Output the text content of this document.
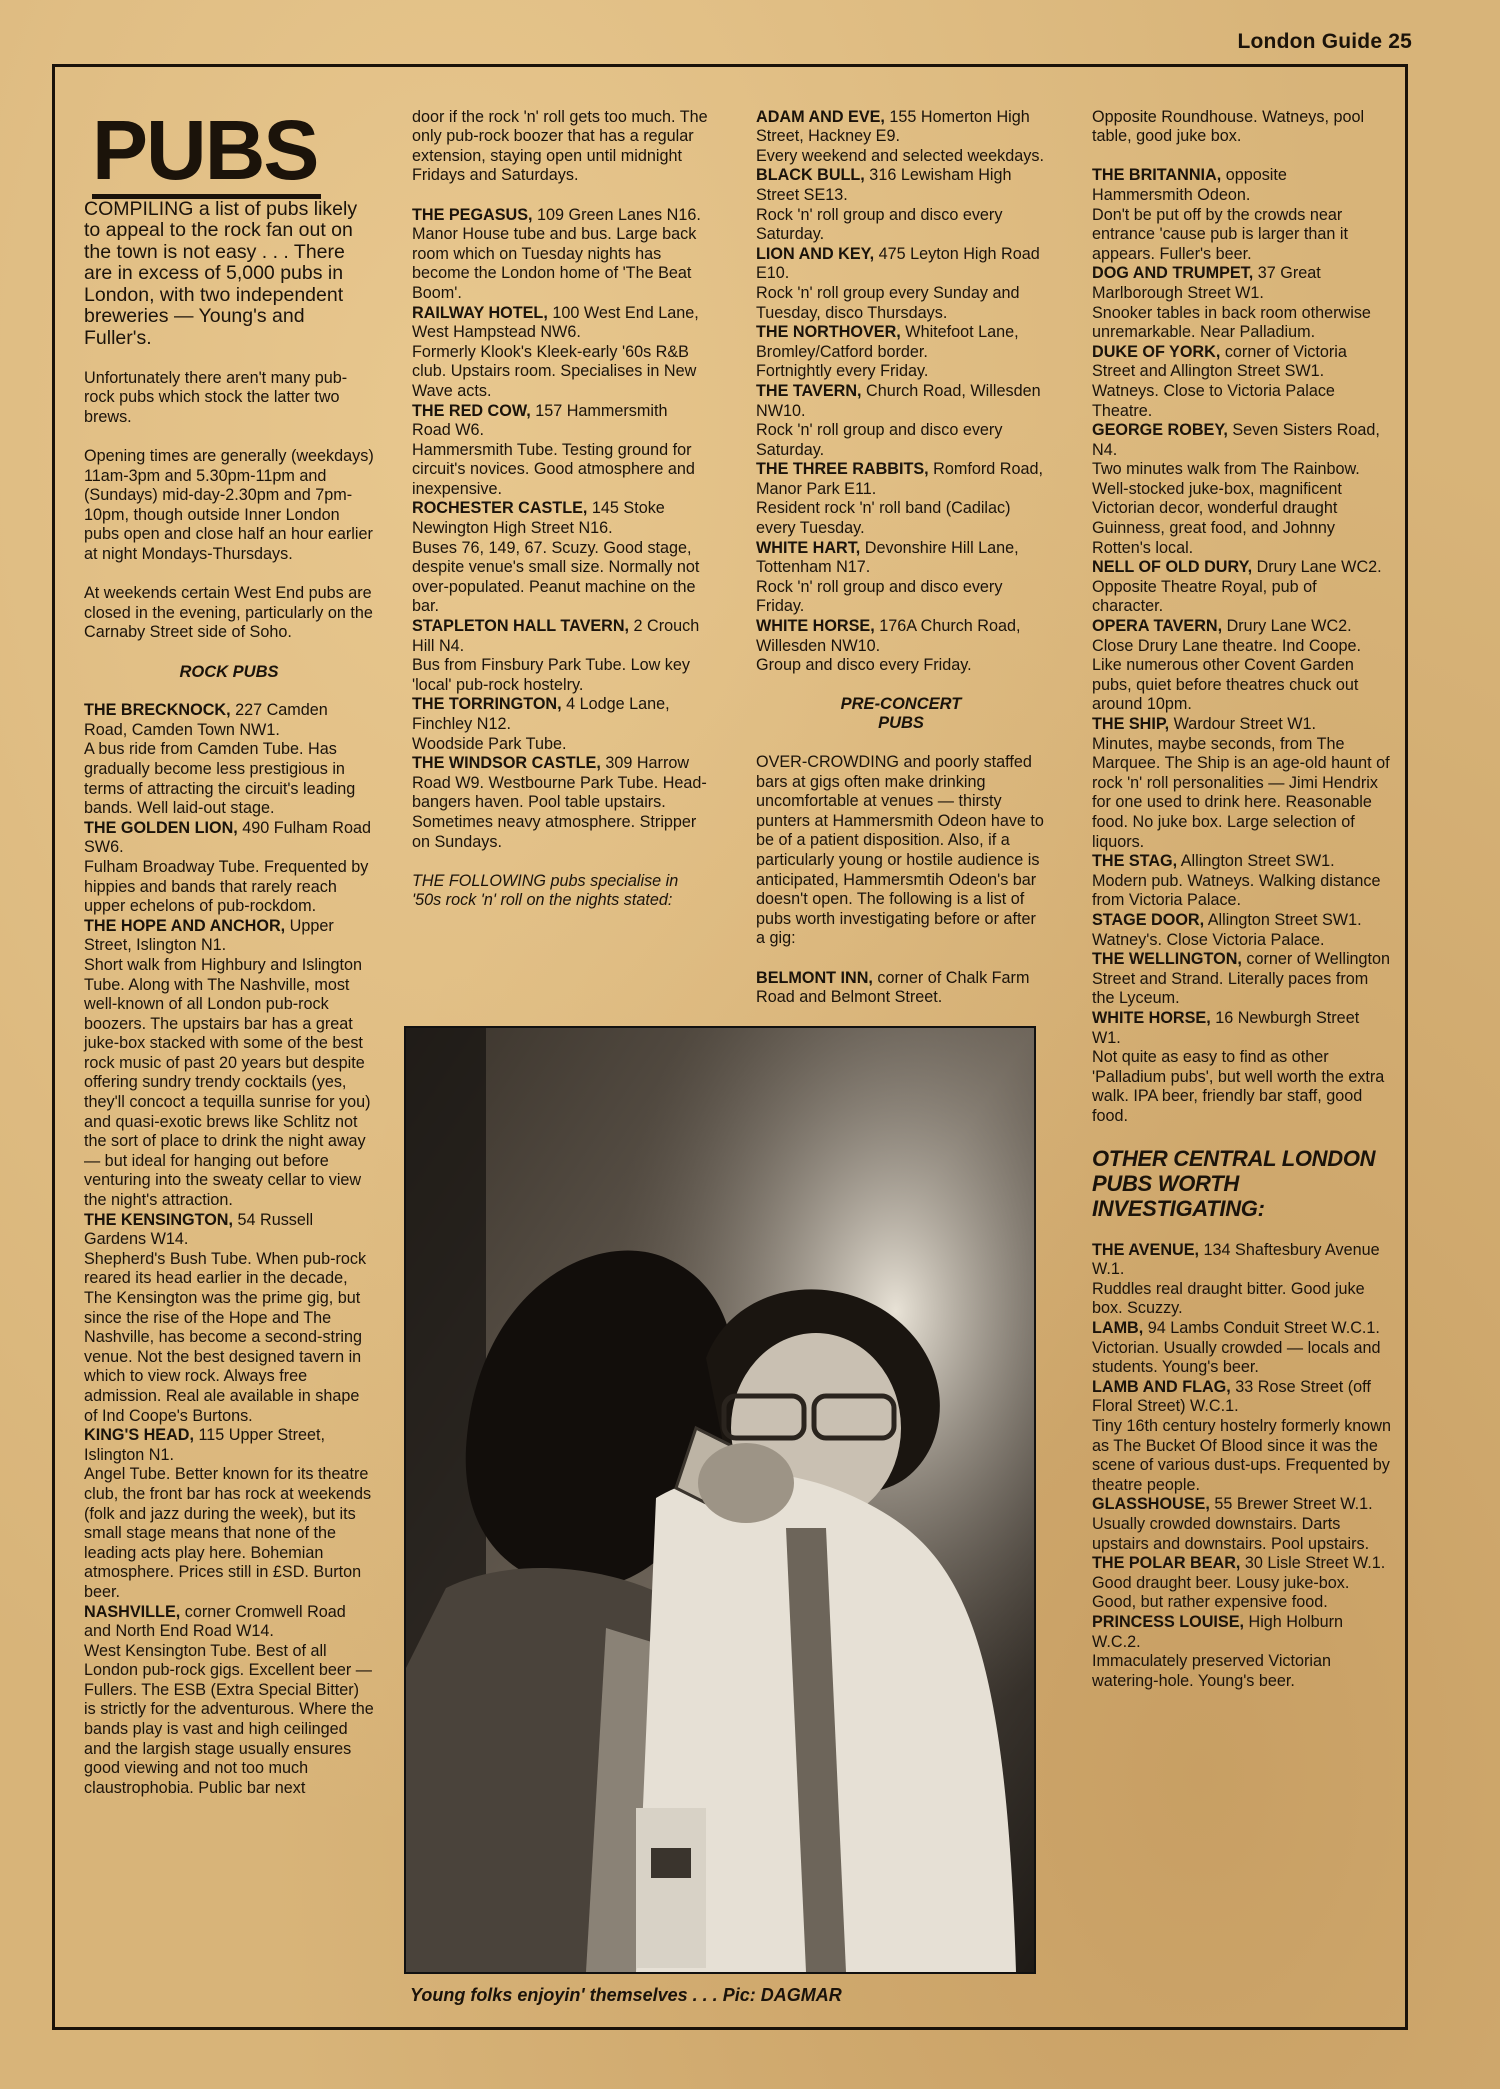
London Guide 25

PUBS

COMPILING a list of pubs likely to appeal to the rock fan out on the town is not easy . . . There are in excess of 5,000 pubs in London, with two independent breweries — Young's and Fuller's.

Unfortunately there aren't many pub-rock pubs which stock the latter two brews.

Opening times are generally (weekdays) 11am-3pm and 5.30pm-11pm and (Sundays) mid-day-2.30pm and 7pm-10pm, though outside Inner London pubs open and close half an hour earlier at night Mondays-Thursdays.

At weekends certain West End pubs are closed in the evening, particularly on the Carnaby Street side of Soho.

ROCK PUBS

THE BRECKNOCK, 227 Camden Road, Camden Town NW1.
A bus ride from Camden Tube. Has gradually become less prestigious in terms of attracting the circuit's leading bands. Well laid-out stage.

THE GOLDEN LION, 490 Fulham Road SW6.
Fulham Broadway Tube. Frequented by hippies and bands that rarely reach upper echelons of pub-rockdom.

THE HOPE AND ANCHOR, Upper Street, Islington N1.
Short walk from Highbury and Islington Tube. Along with The Nashville, most well-known of all London pub-rock boozers. The upstairs bar has a great juke-box stacked with some of the best rock music of past 20 years but despite offering sundry trendy cocktails (yes, they'll concoct a tequilla sunrise for you) and quasi-exotic brews like Schlitz not the sort of place to drink the night away — but ideal for hanging out before venturing into the sweaty cellar to view the night's attraction.

THE KENSINGTON, 54 Russell Gardens W14.
Shepherd's Bush Tube. When pub-rock reared its head earlier in the decade, The Kensington was the prime gig, but since the rise of the Hope and The Nashville, has become a second-string venue. Not the best designed tavern in which to view rock. Always free admission. Real ale available in shape of Ind Coope's Burtons.

KING'S HEAD, 115 Upper Street, Islington N1.
Angel Tube. Better known for its theatre club, the front bar has rock at weekends (folk and jazz during the week), but its small stage means that none of the leading acts play here. Bohemian atmosphere. Prices still in £SD. Burton beer.

NASHVILLE, corner Cromwell Road and North End Road W14.
West Kensington Tube. Best of all London pub-rock gigs. Excellent beer — Fullers. The ESB (Extra Special Bitter) is strictly for the adventurous. Where the bands play is vast and high ceilinged and the largish stage usually ensures good viewing and not too much claustrophobia. Public bar next

door if the rock 'n' roll gets too much. The only pub-rock boozer that has a regular extension, staying open until midnight Fridays and Saturdays.

THE PEGASUS, 109 Green Lanes N16.
Manor House tube and bus. Large back room which on Tuesday nights has become the London home of 'The Beat Boom'.

RAILWAY HOTEL, 100 West End Lane, West Hampstead NW6.
Formerly Klook's Kleek-early '60s R&B club. Upstairs room. Specialises in New Wave acts.

THE RED COW, 157 Hammersmith Road W6.
Hammersmith Tube. Testing ground for circuit's novices. Good atmosphere and inexpensive.

ROCHESTER CASTLE, 145 Stoke Newington High Street N16.
Buses 76, 149, 67. Scuzy. Good stage, despite venue's small size. Normally not over-populated. Peanut machine on the bar.

STAPLETON HALL TAVERN, 2 Crouch Hill N4.
Bus from Finsbury Park Tube. Low key 'local' pub-rock hostelry.

THE TORRINGTON, 4 Lodge Lane, Finchley N12.
Woodside Park Tube.

THE WINDSOR CASTLE, 309 Harrow Road W9. Westbourne Park Tube. Head-bangers haven. Pool table upstairs. Sometimes neavy atmosphere. Stripper on Sundays.

THE FOLLOWING pubs specialise in '50s rock 'n' roll on the nights stated:

ADAM AND EVE, 155 Homerton High Street, Hackney E9.
Every weekend and selected weekdays.

BLACK BULL, 316 Lewisham High Street SE13.
Rock 'n' roll group and disco every Saturday.

LION AND KEY, 475 Leyton High Road E10.
Rock 'n' roll group every Sunday and Tuesday, disco Thursdays.

THE NORTHOVER, Whitefoot Lane, Bromley/Catford border.
Fortnightly every Friday.

THE TAVERN, Church Road, Willesden NW10.
Rock 'n' roll group and disco every Saturday.

THE THREE RABBITS, Romford Road, Manor Park E11.
Resident rock 'n' roll band (Cadilac) every Tuesday.

WHITE HART, Devonshire Hill Lane, Tottenham N17.
Rock 'n' roll group and disco every Friday.

WHITE HORSE, 176A Church Road, Willesden NW10.
Group and disco every Friday.

PRE-CONCERT
PUBS

OVER-CROWDING and poorly staffed bars at gigs often make drinking uncomfortable at venues — thirsty punters at Hammersmith Odeon have to be of a patient disposition. Also, if a particularly young or hostile audience is anticipated, Hammersmtih Odeon's bar doesn't open. The following is a list of pubs worth investigating before or after a gig:

BELMONT INN, corner of Chalk Farm Road and Belmont Street.

Opposite Roundhouse. Watneys, pool table, good juke box.

THE BRITANNIA, opposite Hammersmith Odeon.
Don't be put off by the crowds near entrance 'cause pub is larger than it appears. Fuller's beer.

DOG AND TRUMPET, 37 Great Marlborough Street W1.
Snooker tables in back room otherwise unremarkable. Near Palladium.

DUKE OF YORK, corner of Victoria Street and Allington Street SW1.
Watneys. Close to Victoria Palace Theatre.

GEORGE ROBEY, Seven Sisters Road, N4.
Two minutes walk from The Rainbow. Well-stocked juke-box, magnificent Victorian decor, wonderful draught Guinness, great food, and Johnny Rotten's local.

NELL OF OLD DURY, Drury Lane WC2.
Opposite Theatre Royal, pub of character.

OPERA TAVERN, Drury Lane WC2.
Close Drury Lane theatre. Ind Coope. Like numerous other Covent Garden pubs, quiet before theatres chuck out around 10pm.

THE SHIP, Wardour Street W1.
Minutes, maybe seconds, from The Marquee. The Ship is an age-old haunt of rock 'n' roll personalities — Jimi Hendrix for one used to drink here. Reasonable food. No juke box. Large selection of liquors.

THE STAG, Allington Street SW1. Modern pub. Watneys. Walking distance from Victoria Palace.

STAGE DOOR, Allington Street SW1. Watney's. Close Victoria Palace.

THE WELLINGTON, corner of Wellington Street and Strand. Literally paces from the Lyceum.

WHITE HORSE, 16 Newburgh Street W1.
Not quite as easy to find as other 'Palladium pubs', but well worth the extra walk. IPA beer, friendly bar staff, good food.

OTHER CENTRAL LONDON PUBS WORTH INVESTIGATING:

THE AVENUE, 134 Shaftesbury Avenue W.1.
Ruddles real draught bitter. Good juke box. Scuzzy.

LAMB, 94 Lambs Conduit Street W.C.1.
Victorian. Usually crowded — locals and students. Young's beer.

LAMB AND FLAG, 33 Rose Street (off Floral Street) W.C.1.
Tiny 16th century hostelry formerly known as The Bucket Of Blood since it was the scene of various dust-ups. Frequented by theatre people.

GLASSHOUSE, 55 Brewer Street W.1.
Usually crowded downstairs. Darts upstairs and downstairs. Pool upstairs.

THE POLAR BEAR, 30 Lisle Street W.1.
Good draught beer. Lousy juke-box. Good, but rather expensive food.

PRINCESS LOUISE, High Holburn W.C.2.
Immaculately preserved Victorian watering-hole. Young's beer.

Young folks enjoyin' themselves . . . Pic: DAGMAR
